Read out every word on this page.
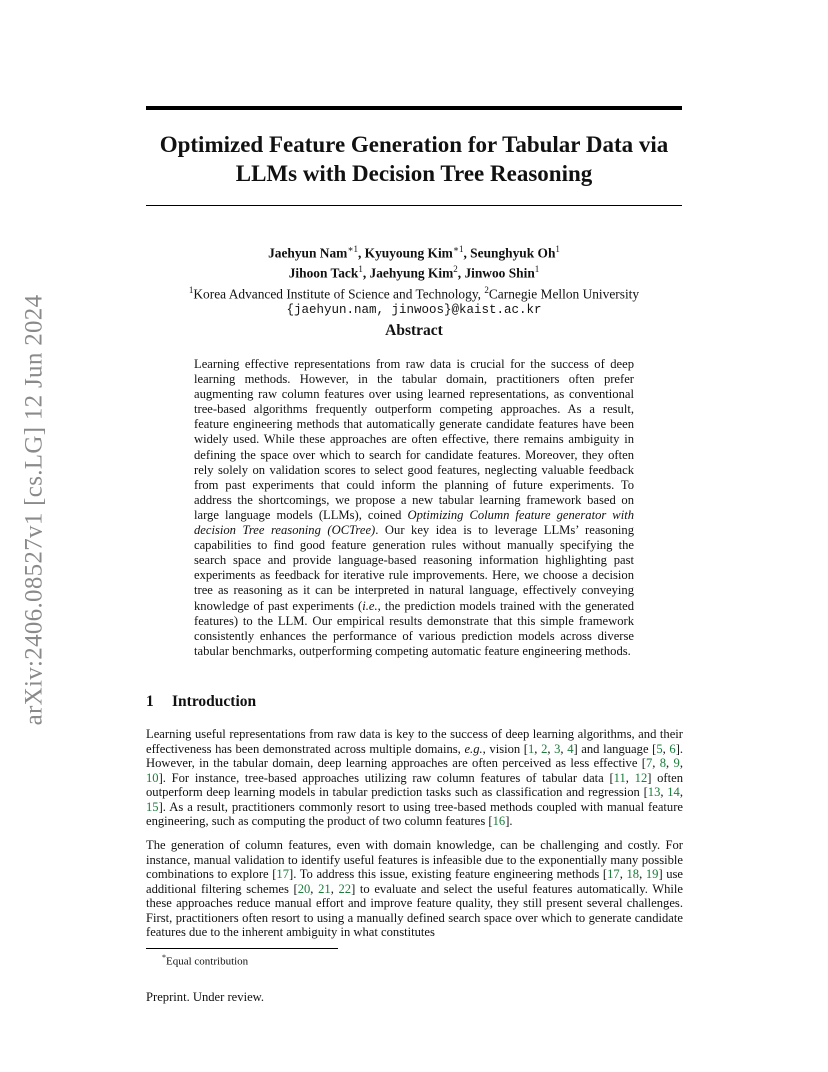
arXiv:2406.08527v1 [cs.LG] 12 Jun 2024
Optimized Feature Generation for Tabular Data via
LLMs with Decision Tree Reasoning
Jaehyun Nam$^{∗1}$, Kyuyoung Kim$^{∗1}$, Seunghyuk Oh$^1$
Jihoon Tack$^1$, Jaehyung Kim$^2$, Jinwoo Shin$^1$
$^1$Korea Advanced Institute of Science and Technology, $^2$Carnegie Mellon University
{jaehyun.nam, jinwoos}@kaist.ac.kr
Abstract

Learning effective representations from raw data is crucial for the success of deep learning methods. However, in the tabular domain, practitioners often prefer augmenting raw column features over using learned representations, as conventional tree-based algorithms frequently outperform competing approaches. As a result, feature engineering methods that automatically generate candidate features have been widely used. While these approaches are often effective, there remains ambiguity in defining the space over which to search for candidate features. Moreover, they often rely solely on validation scores to select good features, neglecting valuable feedback from past experiments that could inform the planning of future experiments. To address the shortcomings, we propose a new tabular learning framework based on large language models (LLMs), coined Optimizing Column feature generator with decision Tree reasoning (OCTree). Our key idea is to leverage LLMs’ reasoning capabilities to find good feature generation rules without manually specifying the search space and provide language-based reasoning information highlighting past experiments as feedback for iterative rule improvements. Here, we choose a decision tree as reasoning as it can be interpreted in natural language, effectively conveying knowledge of past experiments (i.e., the prediction models trained with the generated features) to the LLM. Our empirical results demonstrate that this simple framework consistently enhances the performance of various prediction models across diverse tabular benchmarks, outperforming competing automatic feature engineering methods.

1 Introduction

Learning useful representations from raw data is key to the success of deep learning algorithms, and their effectiveness has been demonstrated across multiple domains, e.g., vision [1, 2, 3, 4] and language [5, 6]. However, in the tabular domain, deep learning approaches are often perceived as less effective [7, 8, 9, 10]. For instance, tree-based approaches utilizing raw column features of tabular data [11, 12] often outperform deep learning models in tabular prediction tasks such as classification and regression [13, 14, 15]. As a result, practitioners commonly resort to using tree-based methods coupled with manual feature engineering, such as computing the product of two column features [16].

The generation of column features, even with domain knowledge, can be challenging and costly. For instance, manual validation to identify useful features is infeasible due to the exponentially many possible combinations to explore [17]. To address this issue, existing feature engineering methods [17, 18, 19] use additional filtering schemes [20, 21, 22] to evaluate and select the useful features automatically. While these approaches reduce manual effort and improve feature quality, they still present several challenges. First, practitioners often resort to using a manually defined search space over which to generate candidate features due to the inherent ambiguity in what constitutes

*Equal contribution
Preprint. Under review.
